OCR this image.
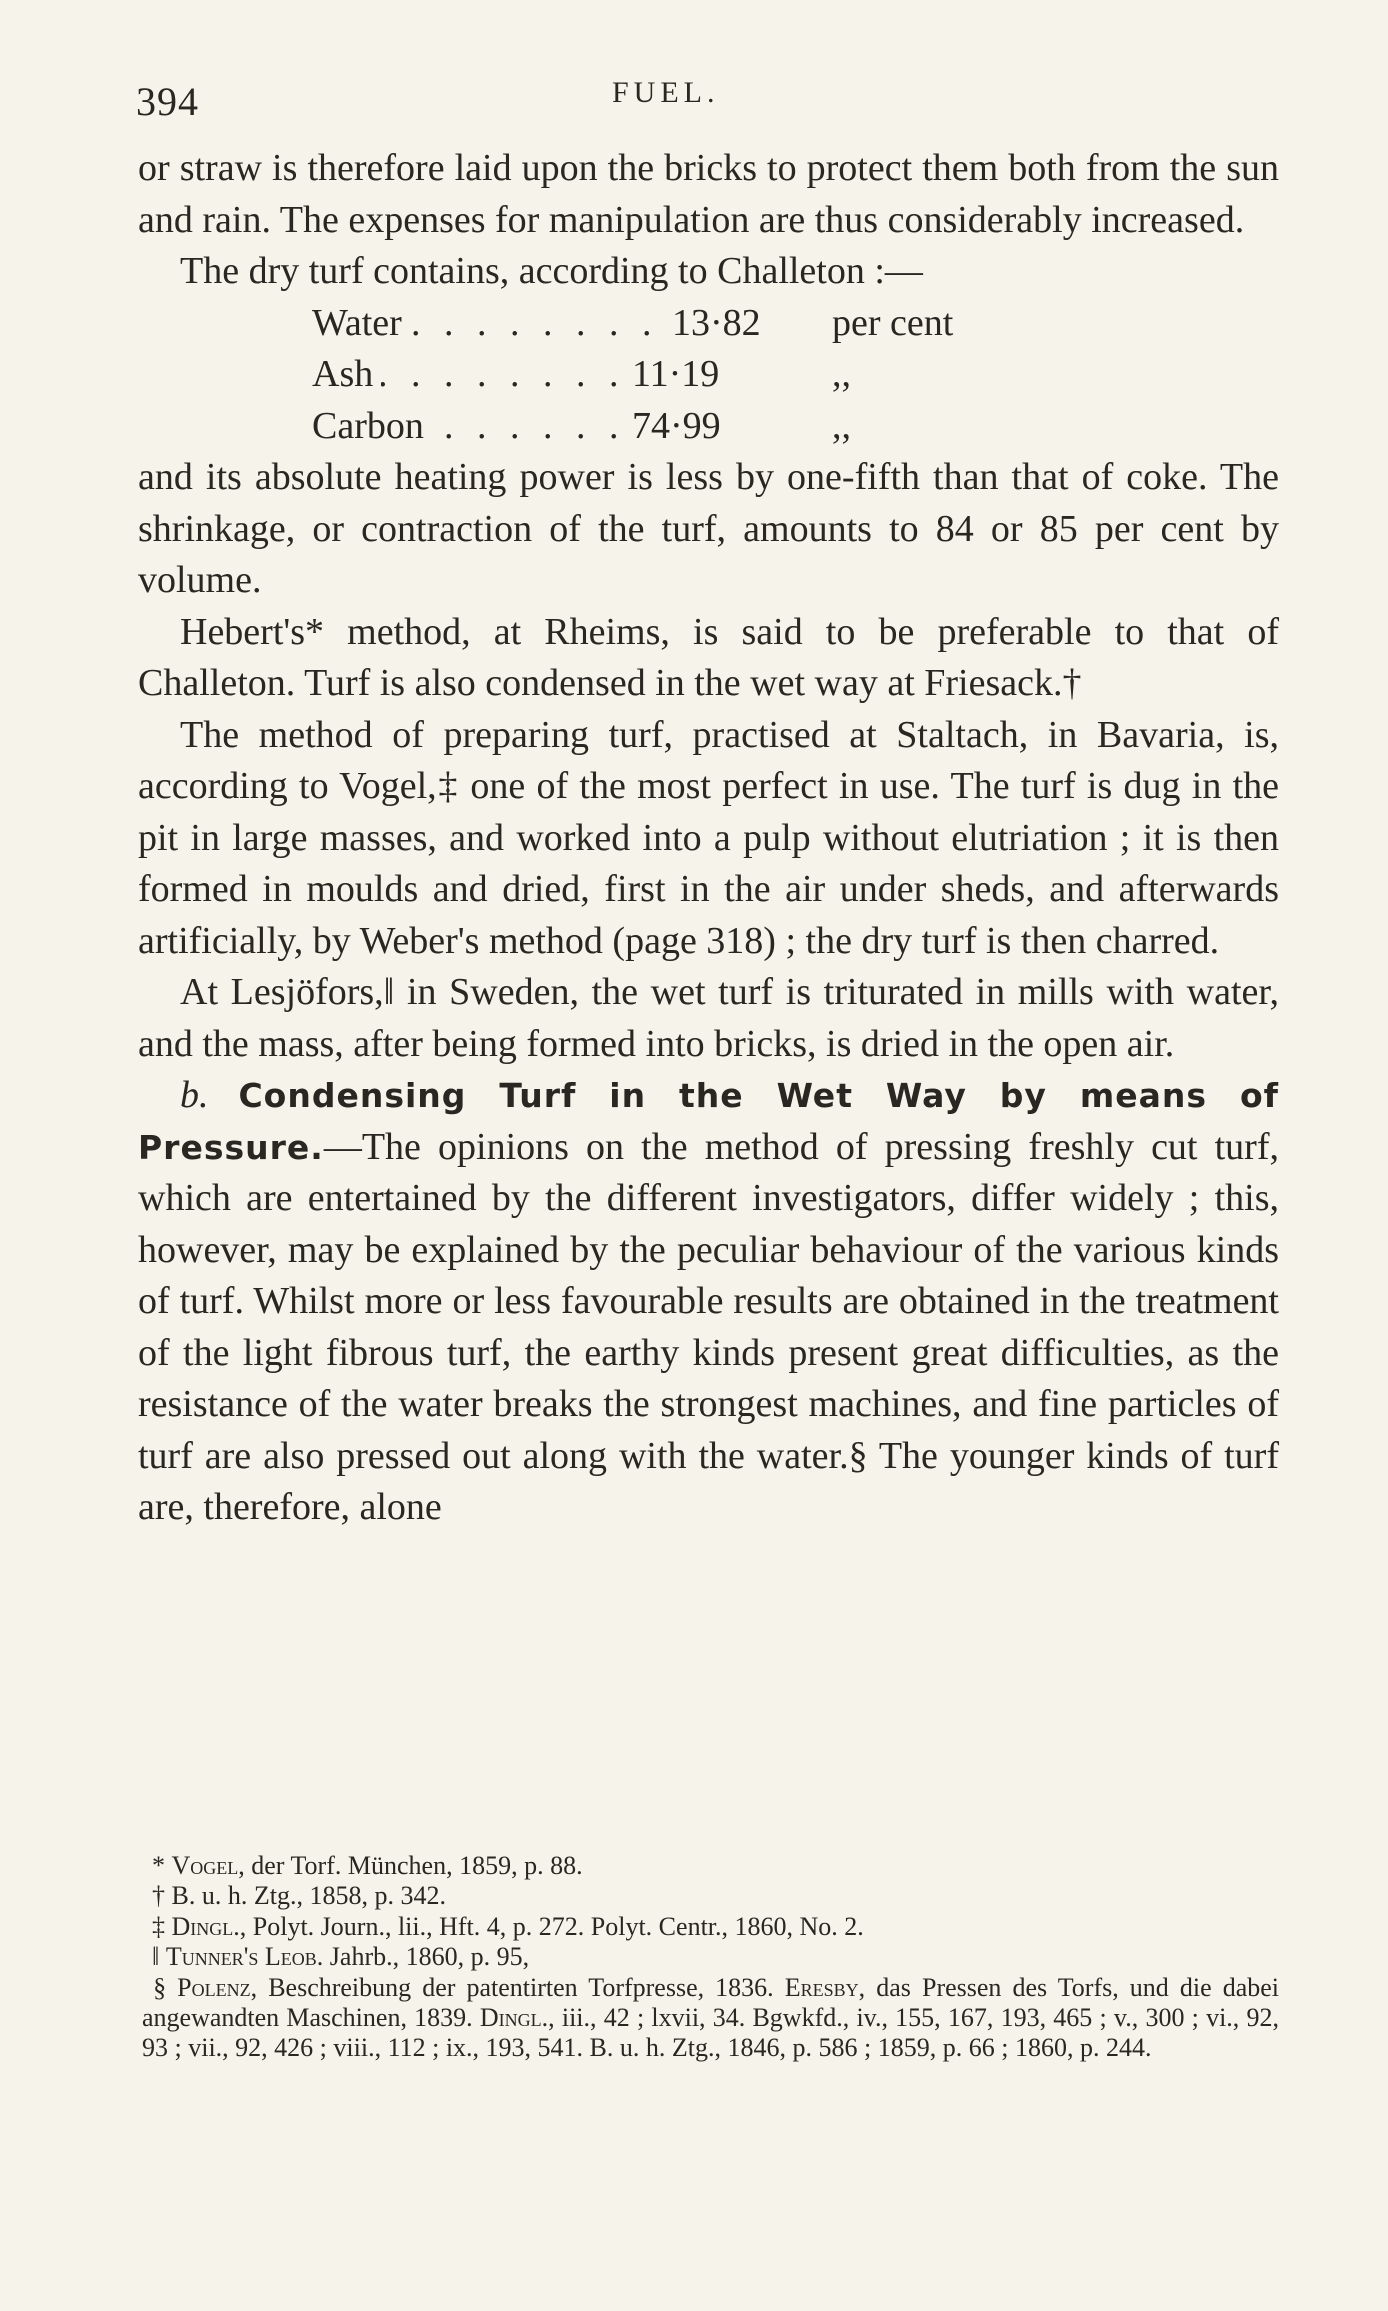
394	FUEL.

or straw is therefore laid upon the bricks to protect them both from the sun and rain. The expenses for manipulation are thus considerably increased.

The dry turf contains, according to Challeton :—

Water . . .	13·82	per cent
Ash . . .	11·19	,,
Carbon . . .	74·99	,,

and its absolute heating power is less by one-fifth than that of coke. The shrinkage, or contraction of the turf, amounts to 84 or 85 per cent by volume.

Hebert's* method, at Rheims, is said to be preferable to that of Challeton. Turf is also condensed in the wet way at Friesack.†

The method of preparing turf, practised at Staltach, in Bavaria, is, according to Vogel,‡ one of the most perfect in use. The turf is dug in the pit in large masses, and worked into a pulp without elutriation ; it is then formed in moulds and dried, first in the air under sheds, and afterwards artificially, by Weber's method (page 318) ; the dry turf is then charred.

At Lesjöfors,‖ in Sweden, the wet turf is triturated in mills with water, and the mass, after being formed into bricks, is dried in the open air.

b. Condensing Turf in the Wet Way by means of Pressure.—The opinions on the method of pressing freshly cut turf, which are entertained by the different investigators, differ widely ; this, however, may be explained by the peculiar behaviour of the various kinds of turf. Whilst more or less favourable results are obtained in the treatment of the light fibrous turf, the earthy kinds present great difficulties, as the resistance of the water breaks the strongest machines, and fine particles of turf are also pressed out along with the water.§ The younger kinds of turf are, therefore, alone

* Vogel, der Torf. München, 1859, p. 88.

† B. u. h. Ztg., 1858, p. 342.

‡ Dingl., Polyt. Journ., lii., Hft. 4, p. 272. Polyt. Centr., 1860, No. 2.

‖ Tunner's Leob. Jahrb., 1860, p. 95,

§ Polenz, Beschreibung der patentirten Torfpresse, 1836. Eresby, das Pressen des Torfs, und die dabei angewandten Maschinen, 1839. Dingl., iii., 42 ; lxvii, 34. Bgwkfd., iv., 155, 167, 193, 465 ; v., 300 ; vi., 92, 93 ; vii., 92, 426 ; viii., 112 ; ix., 193, 541. B. u. h. Ztg., 1846, p. 586 ; 1859, p. 66 ; 1860, p. 244.
